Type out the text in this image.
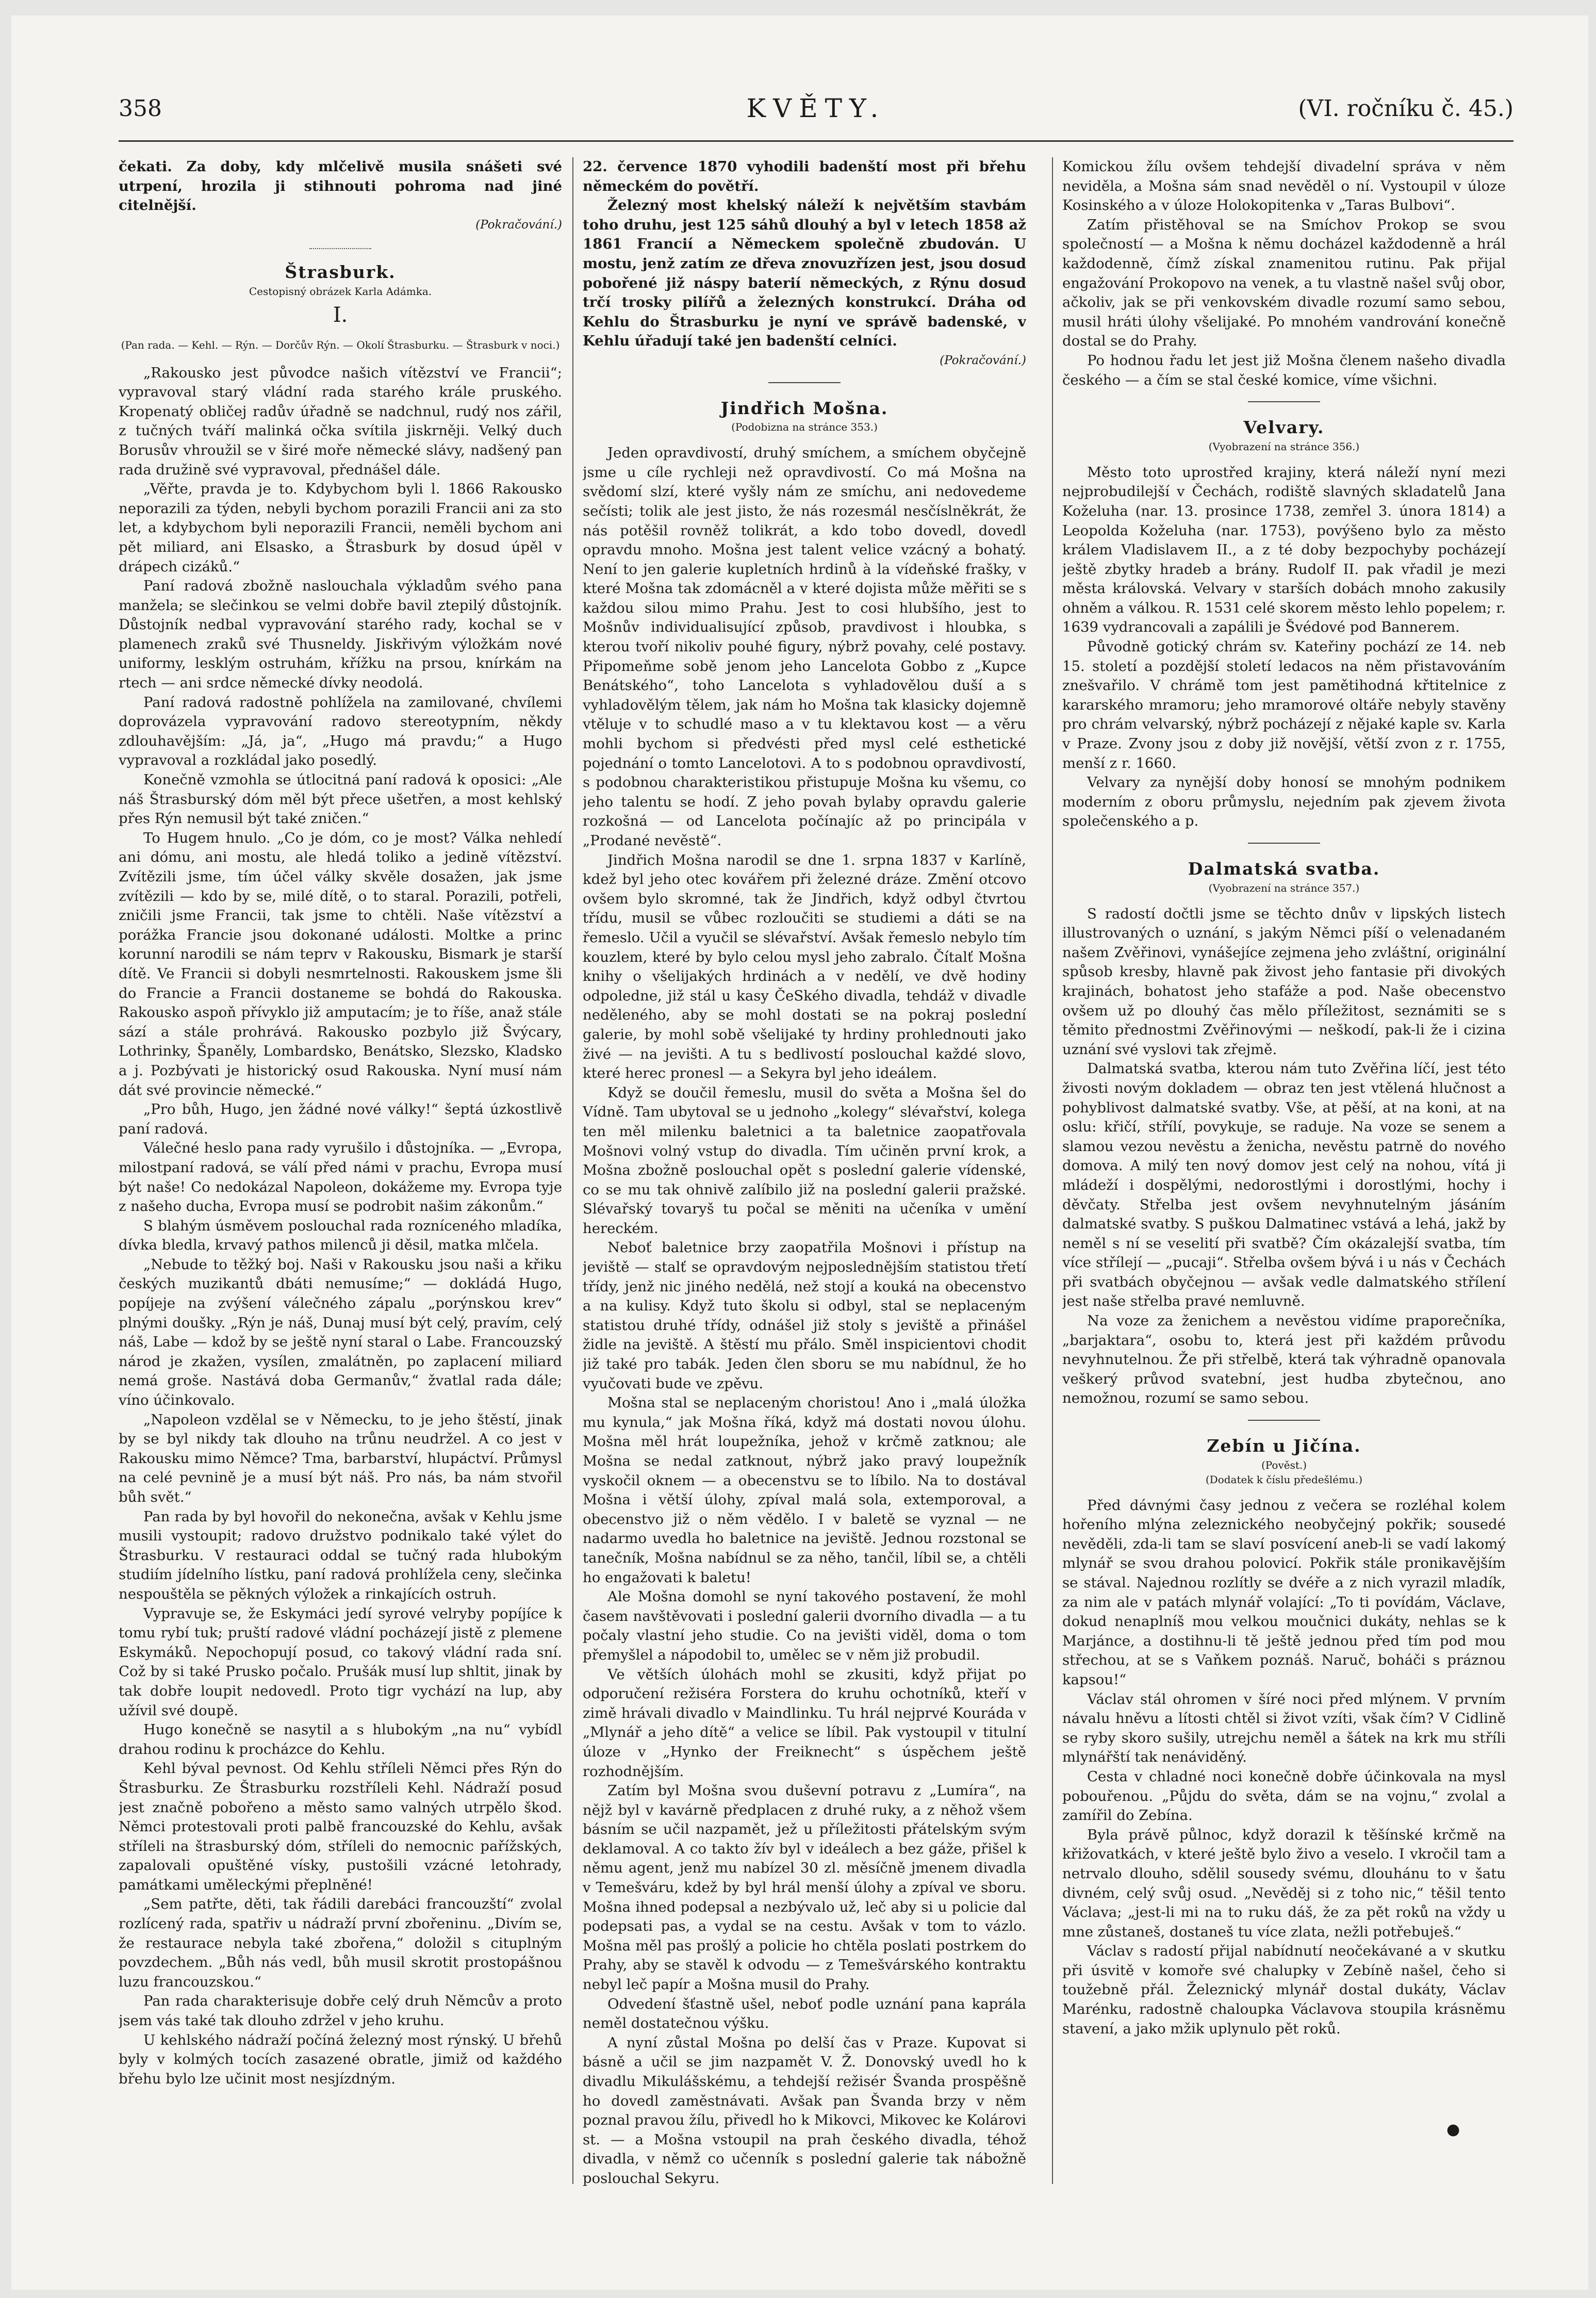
358	KVĚTY.	(VI. ročníku č. 45.)

čekati. Za doby, kdy mlčelivě musila snášeti své utrpení, hrozila ji stihnouti pohroma nad jiné citelnější.

(Pokračování.)
Štrasburk.
Cestopisný obrázek Karla Adámka.
I.
(Pan rada. — Kehl. — Rýn. — Dorčův Rýn. — Okolí Štrasburku. — Štrasburk v noci.)

„Rakousko jest původce našich vítězství ve Francii“; vypravoval starý vládní rada starého krále pruského. Kropenatý obličej radův úřadně se nadchnul, rudý nos zářil, z tučných tváří malinká očka svítila jiskrněji. Velký duch Borusův vhroužil se v širé moře německé slávy, nadšený pan rada družině své vypravoval, přednášel dále.

„Věřte, pravda je to. Kdybychom byli l. 1866 Rakousko neporazili za týden, nebyli bychom porazili Francii ani za sto let, a kdybychom byli neporazili Francii, neměli bychom ani pět miliard, ani Elsasko, a Štrasburk by dosud úpěl v drápech cizáků.“

Paní radová zbožně naslouchala výkladům svého pana manžela; se slečinkou se velmi dobře bavil ztepilý důstojník. Důstojník nedbal vypravování starého rady, kochal se v plamenech zraků své Thusneldy. Jiskřivým výložkám nové uniformy, lesklým ostruhám, křížku na prsou, knírkám na rtech — ani srdce německé dívky neodolá.

Paní radová radostně pohlížela na zamilované, chvílemi doprovázela vypravování radovo stereotypním, někdy zdlouhavějším: „Já, ja“, „Hugo má pravdu;“ a Hugo vypravoval a rozkládal jako posedlý.

Konečně vzmohla se útlocitná paní radová k oposici: „Ale náš Štrasburský dóm měl být přece ušetřen, a most kehlský přes Rýn nemusil být také zničen.“

To Hugem hnulo. „Co je dóm, co je most? Válka nehledí ani dómu, ani mostu, ale hledá toliko a jedině vítězství. Zvítězili jsme, tím účel války skvěle dosažen, jak jsme zvítězili — kdo by se, milé dítě, o to staral. Porazili, potřeli, zničili jsme Francii, tak jsme to chtěli. Naše vítězství a porážka Francie jsou dokonané události. Moltke a princ korunní narodili se nám teprv v Rakousku, Bismark je starší dítě. Ve Francii si dobyli nesmrtelnosti. Rakouskem jsme šli do Francie a Francii dostaneme se bohdá do Rakouska. Rakousko aspoň přívyklo již amputacím; je to říše, anaž stále sází a stále prohrává. Rakousko pozbylo již Švýcary, Lothrinky, Španěly, Lombardsko, Benátsko, Slezsko, Kladsko a j. Pozbývati je historický osud Rakouska. Nyní musí nám dát své provincie německé.“

„Pro bůh, Hugo, jen žádné nové války!“ šeptá úzkostlivě paní radová.

Válečné heslo pana rady vyrušilo i důstojníka. — „Evropa, milostpaní radová, se válí před námi v prachu, Evropa musí být naše! Co nedokázal Napoleon, dokážeme my. Evropa tyje z našeho ducha, Evropa musí se podrobit našim zákonům.“

S blahým úsměvem poslouchal rada rozníceného mladíka, dívka bledla, krvavý pathos milenců ji děsil, matka mlčela.

„Nebude to těžký boj. Naši v Rakousku jsou naši a křiku českých muzikantů dbáti nemusíme;“ — dokládá Hugo, popíjeje na zvýšení válečného zápalu „porýnskou krev“ plnými doušky. „Rýn je náš, Dunaj musí být celý, pravím, celý náš, Labe — kdož by se ještě nyní staral o Labe. Francouzský národ je zkažen, vysílen, zmalátněn, po zaplacení miliard nemá groše. Nastává doba Germanův,“ žvatlal rada dále; víno účinkovalo.

„Napoleon vzdělal se v Německu, to je jeho štěstí, jinak by se byl nikdy tak dlouho na trůnu neudržel. A co jest v Rakousku mimo Němce? Tma, barbarství, hlupáctví. Průmysl na celé pevnině je a musí být náš. Pro nás, ba nám stvořil bůh svět.“

Pan rada by byl hovořil do nekonečna, avšak v Kehlu jsme musili vystoupit; radovo družstvo podnikalo také výlet do Štrasburku. V restauraci oddal se tučný rada hlubokým studiím jídelního lístku, paní radová prohlížela ceny, slečinka nespouštěla se pěkných výložek a rinkajících ostruh.

Vypravuje se, že Eskymáci jedí syrové velryby popíjíce k tomu rybí tuk; pruští radové vládní pocházejí jistě z plemene Eskymáků. Nepochopují posud, co takový vládní rada sní. Což by si také Prusko počalo. Prušák musí lup shltit, jinak by tak dobře loupit nedovedl. Proto tigr vychází na lup, aby užívil své doupě.

Hugo konečně se nasytil a s hlubokým „na nu“ vybídl drahou rodinu k procházce do Kehlu.

Kehl býval pevnost. Od Kehlu stříleli Němci přes Rýn do Štrasburku. Ze Štrasburku rozstříleli Kehl. Nádraží posud jest značně pobořeno a město samo valných utrpělo škod. Němci protestovali proti palbě francouzské do Kehlu, avšak stříleli na štrasburský dóm, stříleli do nemocnic pařížských, zapalovali opuštěné vísky, pustošili vzácné letohrady, památkami uměleckými přeplněné!

„Sem patřte, děti, tak řádili darebáci francouzští“ zvolal rozlícený rada, spatřiv u nádraží první zbořeninu. „Divím se, že restaurace nebyla také zbořena,“ doložil s cituplným povzdechem. „Bůh nás vedl, bůh musil skrotit prostopášnou luzu francouzskou.“

Pan rada charakterisuje dobře celý druh Němcův a proto jsem vás také tak dlouho zdržel v jeho kruhu.

U kehlského nádraží počíná železný most rýnský. U břehů byly v kolmých tocích zasazené obratle, jimiž od každého břehu bylo lze učinit most nesjízdným.

22. července 1870 vyhodili badenští most při břehu německém do povětří.

Železný most khelský náleží k největším stavbám toho druhu, jest 125 sáhů dlouhý a byl v letech 1858 až 1861 Francií a Německem společně zbudován. U mostu, jenž zatím ze dřeva znovuzřízen jest, jsou dosud pobořené již náspy baterií německých, z Rýnu dosud trčí trosky pilířů a železných konstrukcí. Dráha od Kehlu do Štrasburku je nyní ve správě badenské, v Kehlu úřadují také jen badenští celníci.

(Pokračování.)
Jindřich Mošna.
(Podobizna na stránce 353.)

Jeden opravdivostí, druhý smíchem, a smíchem obyčejně jsme u cíle rychleji než opravdivostí. Co má Mošna na svědomí slzí, které vyšly nám ze smíchu, ani nedovedeme sečísti; tolik ale jest jisto, že nás rozesmál nesčíslněkrát, že nás potěšil rovněž tolikrát, a kdo tobo dovedl, dovedl opravdu mnoho. Mošna jest talent velice vzácný a bohatý. Není to jen galerie kupletních hrdinů à la vídeňské frašky, v které Mošna tak zdomácněl a v které dojista může měřiti se s každou silou mimo Prahu. Jest to cosi hlubšího, jest to Mošnův individualisující způsob, pravdivost i hloubka, s kterou tvoří nikoliv pouhé figury, nýbrž povahy, celé postavy. Připomeňme sobě jenom jeho Lancelota Gobbo z „Kupce Benátského“, toho Lancelota s vyhladovělou duší a s vyhladovělým tělem, jak nám ho Mošna tak klasicky dojemně vtěluje v to schudlé maso a v tu klektavou kost — a věru mohli bychom si předvésti před mysl celé esthetické pojednání o tomto Lancelotovi. A to s podobnou opravdivostí, s podobnou charakteristikou přistupuje Mošna ku všemu, co jeho talentu se hodí. Z jeho povah bylaby opravdu galerie rozkošná — od Lancelota počínajíc až po principála v „Prodané nevěstě“.

Jindřich Mošna narodil se dne 1. srpna 1837 v Karlíně, kdež byl jeho otec kovářem při železné dráze. Změní otcovo ovšem bylo skromné, tak že Jindřich, když odbyl čtvrtou třídu, musil se vůbec rozloučiti se studiemi a dáti se na řemeslo. Učil a vyučil se slévařství. Avšak řemeslo nebylo tím kouzlem, které by bylo celou mysl jeho zabralo. Čítalť Mošna knihy o všelijakých hrdinách a v nedělí, ve dvě hodiny odpoledne, již stál u kasy ČeSkého divadla, tehdáž v divadle neděleného, aby se mohl dostati se na pokraj poslední galerie, by mohl sobě všelijaké ty hrdiny prohlednouti jako živé — na jevišti. A tu s bedlivostí poslouchal každé slovo, které herec pronesl — a Sekyra byl jeho ideálem.

Když se doučil řemeslu, musil do světa a Mošna šel do Vídně. Tam ubytoval se u jednoho „kolegy“ slévařství, kolega ten měl milenku baletnici a ta baletnice zaopatřovala Mošnovi volný vstup do divadla. Tím učiněn první krok, a Mošna zbožně poslouchal opět s poslední galerie vídenské, co se mu tak ohnivě zalíbilo již na poslední galerii pražské. Slévařský tovaryš tu počal se měniti na učeníka v umění hereckém.

Neboť baletnice brzy zaopatřila Mošnovi i přístup na jeviště — stalť se opravdovým nejposlednějším statistou třetí třídy, jenž nic jiného nedělá, než stojí a kouká na obecenstvo a na kulisy. Když tuto školu si odbyl, stal se neplaceným statistou druhé třídy, odnášel již stoly s jeviště a přinášel židle na jeviště. A štěstí mu přálo. Směl inspicientovi chodit již také pro tabák. Jeden člen sboru se mu nabídnul, že ho vyučovati bude ve zpěvu.

Mošna stal se neplaceným choristou! Ano i „malá úložka mu kynula,“ jak Mošna říká, když má dostati novou úlohu. Mošna měl hrát loupežníka, jehož v krčmě zatknou; ale Mošna se nedal zatknout, nýbrž jako pravý loupežník vyskočil oknem — a obecenstvu se to líbilo. Na to dostával Mošna i větší úlohy, zpíval malá sola, extemporoval, a obecenstvo již o něm vědělo. I v baletě se vyznal — ne nadarmo uvedla ho baletnice na jeviště. Jednou rozstonal se tanečník, Mošna nabídnul se za něho, tančil, líbil se, a chtěli ho engažovati k baletu!

Ale Mošna domohl se nyní takového postavení, že mohl časem navštěvovati i poslední galerii dvorního divadla — a tu počaly vlastní jeho studie. Co na jevišti viděl, doma o tom přemyšlel a nápodobil to, umělec se v něm již probudil.

Ve větších úlohách mohl se zkusiti, když přijat po odporučení režiséra Forstera do kruhu ochotníků, kteří v zimě hrávali divadlo v Maindlinku. Tu hrál nejprvé Kouráda v „Mlynář a jeho dítě“ a velice se líbil. Pak vystoupil v titulní úloze v „Hynko der Freiknecht“ s úspěchem ještě rozhodnějším.

Zatím byl Mošna svou duševní potravu z „Lumíra“, na nějž byl v kavárně předplacen z druhé ruky, a z něhož všem básním se učil nazpamět, jež u příležitosti přátelským svým deklamoval. A co takto žív byl v ideálech a bez gáže, přišel k němu agent, jenž mu nabízel 30 zl. měsíčně jmenem divadla v Temešváru, kdež by byl hrál menší úlohy a zpíval ve sboru. Mošna ihned podepsal a nezbývalo už, leč aby si u policie dal podepsati pas, a vydal se na cestu. Avšak v tom to vázlo. Mošna měl pas prošlý a policie ho chtěla poslati postrkem do Prahy, aby se stavěl k odvodu — z Temešvárského kontraktu nebyl leč papír a Mošna musil do Prahy.

Odvedení šťastně ušel, neboť podle uznání pana kaprála neměl dostatečnou výšku.

A nyní zůstal Mošna po delší čas v Praze. Kupovat si básně a učil se jim nazpamět V. Ž. Donovský uvedl ho k divadlu Mikulášskému, a tehdejší režisér Švanda prospěšně ho dovedl zaměstnávati. Avšak pan Švanda brzy v něm poznal pravou žílu, přivedl ho k Mikovci, Mikovec ke Kolárovi st. — a Mošna vstoupil na prah českého divadla, téhož divadla, v němž co učenník s poslední galerie tak nábožně poslouchal Sekyru.

Komickou žílu ovšem tehdejší divadelní správa v něm neviděla, a Mošna sám snad nevěděl o ní. Vystoupil v úloze Kosinského a v úloze Holokopitenka v „Taras Bulbovi“.

Zatím přistěhoval se na Smíchov Prokop se svou společností — a Mošna k němu docházel každodenně a hrál každodenně, čímž získal znamenitou rutinu. Pak přijal engažování Prokopovo na venek, a tu vlastně našel svůj obor, ačkoliv, jak se při venkovském divadle rozumí samo sebou, musil hráti úlohy všelijaké. Po mnohém vandrování konečně dostal se do Prahy.

Po hodnou řadu let jest již Mošna členem našeho divadla českého — a čím se stal české komice, víme všichni.

Velvary.
(Vyobrazení na stránce 356.)

Město toto uprostřed krajiny, která náleží nyní mezi nejprobudilejší v Čechách, rodiště slavných skladatelů Jana Koželuha (nar. 13. prosince 1738, zemřel 3. února 1814) a Leopolda Koželuha (nar. 1753), povýšeno bylo za město králem Vladislavem II., a z té doby bezpochyby pocházejí ještě zbytky hradeb a brány. Rudolf II. pak vřadil je mezi města královská. Velvary v starších dobách mnoho zakusily ohněm a válkou. R. 1531 celé skorem město lehlo popelem; r. 1639 vydrancovali a zapálili je Švédové pod Bannerem.

Původně gotický chrám sv. Kateřiny pochází ze 14. neb 15. století a pozdější století ledacos na něm přistavováním znešvařilo. V chrámě tom jest pamětihodná křtitelnice z kararského mramoru; jeho mramorové oltáře nebyly stavěny pro chrám velvarský, nýbrž pocházejí z nějaké kaple sv. Karla v Praze. Zvony jsou z doby již novější, větší zvon z r. 1755, menší z r. 1660.

Velvary za nynější doby honosí se mnohým podnikem moderním z oboru průmyslu, nejedním pak zjevem života společenského a p.

Dalmatská svatba.
(Vyobrazení na stránce 357.)

S radostí dočtli jsme se těchto dnův v lipských listech illustrovaných o uznání, s jakým Němci píší o velenadaném našem Zvěřinovi, vynášejíce zejmena jeho zvláštní, originální spůsob kresby, hlavně pak živost jeho fantasie při divokých krajinách, bohatost jeho stafáže a pod. Naše obecenstvo ovšem už po dlouhý čas mělo příležitost, seznámiti se s těmito přednostmi Zvěřinovými — neškodí, pak-li že i cizina uznání své vyslovi tak zřejmě.

Dalmatská svatba, kterou nám tuto Zvěřina líčí, jest této živosti novým dokladem — obraz ten jest vtělená hlučnost a pohyblivost dalmatské svatby. Vše, at pěší, at na koni, at na oslu: křičí, střílí, povykuje, se raduje. Na voze se senem a slamou vezou nevěstu a ženicha, nevěstu patrně do nového domova. A milý ten nový domov jest celý na nohou, vítá ji mládeží i dospělými, nedorostlými i dorostlými, hochy i děvčaty. Střelba jest ovšem nevyhnutelným jásáním dalmatské svatby. S puškou Dalmatinec vstává a lehá, jakž by neměl s ní se veselití při svatbě? Čím okázalejší svatba, tím více střílejí — „pucaji“. Střelba ovšem bývá i u nás v Čechách při svatbách obyčejnou — avšak vedle dalmatského střílení jest naše střelba pravé nemluvně.

Na voze za ženichem a nevěstou vidíme praporečníka, „barjaktara“, osobu to, která jest při každém průvodu nevyhnutelnou. Že při střelbě, která tak výhradně opanovala veškerý průvod svatební, jest hudba zbytečnou, ano nemožnou, rozumí se samo sebou.

Zebín u Jičína.
(Pověst.)
(Dodatek k číslu předešlému.)

Před dávnými časy jednou z večera se rozléhal kolem hořeního mlýna zeleznického neobyčejný pokřik; sousedé nevěděli, zda-li tam se slaví posvícení aneb-li se vadí lakomý mlynář se svou drahou polovicí. Pokřik stále pronikavějším se stával. Najednou rozlítly se dvéře a z nich vyrazil mladík, za nim ale v patách mlynář volající: „To ti povídám, Václave, dokud nenaplníš mou velkou moučnici dukáty, nehlas se k Marjánce, a dostihnu-li tě ještě jednou před tím pod mou střechou, at se s Vaňkem poznáš. Naruč, boháči s práznou kapsou!“

Václav stál ohromen v šíré noci před mlýnem. V prvním návalu hněvu a lítosti chtěl si život vzíti, však čím? V Cidlině se ryby skoro sušily, utrejchu neměl a šátek na krk mu stříli mlynářští tak nenáviděný.

Cesta v chladné noci konečně dobře účinkovala na mysl pobouřenou. „Půjdu do světa, dám se na vojnu,“ zvolal a zamířil do Zebína.

Byla právě půlnoc, když dorazil k těšínské krčmě na křižovatkách, v které ještě bylo živo a veselo. I vkročil tam a netrvalo dlouho, sdělil sousedy svému, dlouhánu to v šatu divném, celý svůj osud. „Nevěděj si z toho nic,“ těšil tento Václava; „jest-li mi na to ruku dáš, že za pět roků na vždy u mne zůstaneš, dostaneš tu více zlata, nežli potřebuješ.“

Václav s radostí přijal nabídnutí neočekávané a v skutku při úsvitě v komoře své chalupky v Zebíně našel, čeho si toužebně přál. Železnický mlynář dostal dukáty, Václav Marénku, radostně chaloupka Václavova stoupila krásněmu stavení, a jako mžik uplynulo pět roků.

●
